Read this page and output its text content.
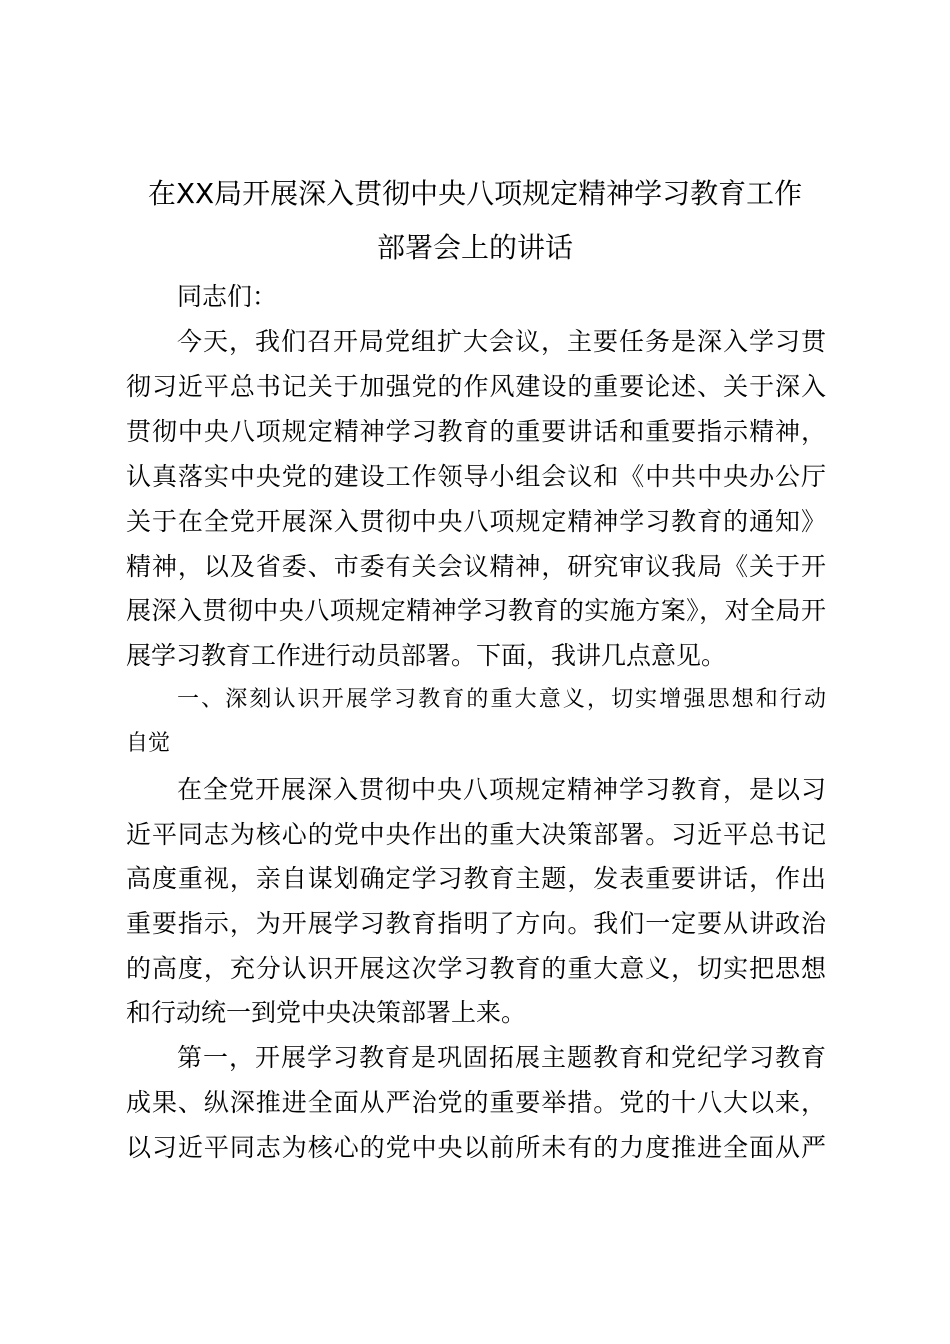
在XX局开展深入贯彻中央八项规定精神学习教育工作
部署会上的讲话
同志们：
今天，我们召开局党组扩大会议，主要任务是深入学习贯
彻习近平总书记关于加强党的作风建设的重要论述、关于深入
贯彻中央八项规定精神学习教育的重要讲话和重要指示精神，
认真落实中央党的建设工作领导小组会议和《中共中央办公厅
关于在全党开展深入贯彻中央八项规定精神学习教育的通知》
精神，以及省委、市委有关会议精神，研究审议我局《关于开
展深入贯彻中央八项规定精神学习教育的实施方案》，对全局开
展学习教育工作进行动员部署。下面，我讲几点意见。
一、深刻认识开展学习教育的重大意义，切实增强思想和行动
自觉
在全党开展深入贯彻中央八项规定精神学习教育，是以习
近平同志为核心的党中央作出的重大决策部署。习近平总书记
高度重视，亲自谋划确定学习教育主题，发表重要讲话，作出
重要指示，为开展学习教育指明了方向。我们一定要从讲政治
的高度，充分认识开展这次学习教育的重大意义，切实把思想
和行动统一到党中央决策部署上来。
第一，开展学习教育是巩固拓展主题教育和党纪学习教育
成果、纵深推进全面从严治党的重要举措。党的十八大以来，
以习近平同志为核心的党中央以前所未有的力度推进全面从严
